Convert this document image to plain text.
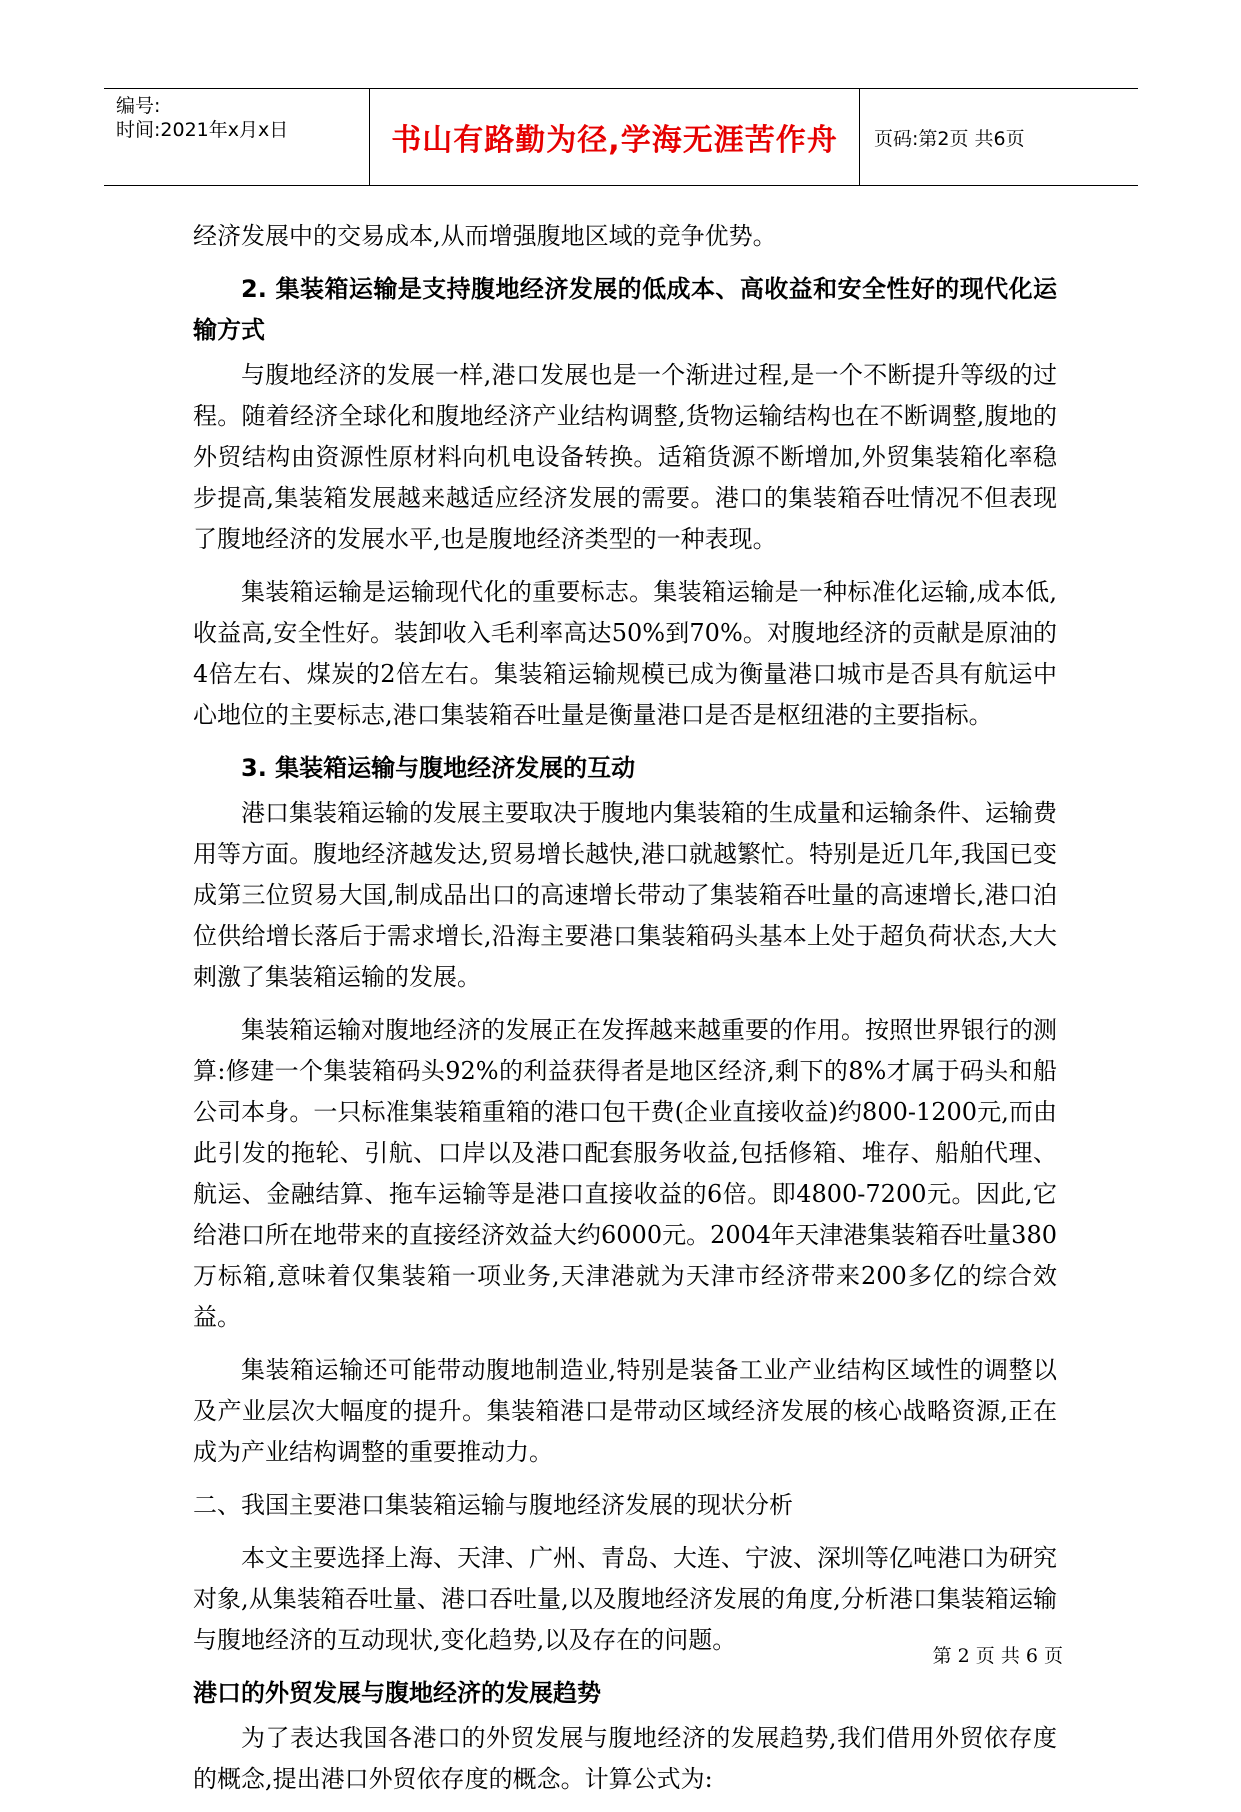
编号:
时间:2021年x月x日	书山有路勤为径,学海无涯苦作舟 页码:第2页 共6页

经济发展中的交易成本,从而增强腹地区域的竞争优势。

2. 集装箱运输是支持腹地经济发展的低成本、高收益和安全性好的现代化运输方式

与腹地经济的发展一样,港口发展也是一个渐进过程,是一个不断提升等级的过程。随着经济全球化和腹地经济产业结构调整,货物运输结构也在不断调整,腹地的外贸结构由资源性原材料向机电设备转换。适箱货源不断增加,外贸集装箱化率稳步提高,集装箱发展越来越适应经济发展的需要。港口的集装箱吞吐情况不但表现了腹地经济的发展水平,也是腹地经济类型的一种表现。

集装箱运输是运输现代化的重要标志。集装箱运输是一种标准化运输,成本低,收益高,安全性好。装卸收入毛利率高达50%到70%。对腹地经济的贡献是原油的4倍左右、煤炭的2倍左右。集装箱运输规模已成为衡量港口城市是否具有航运中心地位的主要标志,港口集装箱吞吐量是衡量港口是否是枢纽港的主要指标。

3. 集装箱运输与腹地经济发展的互动

港口集装箱运输的发展主要取决于腹地内集装箱的生成量和运输条件、运输费用等方面。腹地经济越发达,贸易增长越快,港口就越繁忙。特别是近几年,我国已变成第三位贸易大国,制成品出口的高速增长带动了集装箱吞吐量的高速增长,港口泊位供给增长落后于需求增长,沿海主要港口集装箱码头基本上处于超负荷状态,大大刺激了集装箱运输的发展。

集装箱运输对腹地经济的发展正在发挥越来越重要的作用。按照世界银行的测算:修建一个集装箱码头92%的利益获得者是地区经济,剩下的8%才属于码头和船公司本身。一只标准集装箱重箱的港口包干费(企业直接收益)约800-1200元,而由此引发的拖轮、引航、口岸以及港口配套服务收益,包括修箱、堆存、船舶代理、航运、金融结算、拖车运输等是港口直接收益的6倍。即4800-7200元。因此,它给港口所在地带来的直接经济效益大约6000元。2004年天津港集装箱吞吐量380万标箱,意味着仅集装箱一项业务,天津港就为天津市经济带来200多亿的综合效益。

集装箱运输还可能带动腹地制造业,特别是装备工业产业结构区域性的调整以及产业层次大幅度的提升。集装箱港口是带动区域经济发展的核心战略资源,正在成为产业结构调整的重要推动力。

二、我国主要港口集装箱运输与腹地经济发展的现状分析

本文主要选择上海、天津、广州、青岛、大连、宁波、深圳等亿吨港口为研究对象,从集装箱吞吐量、港口吞吐量,以及腹地经济发展的角度,分析港口集装箱运输与腹地经济的互动现状,变化趋势,以及存在的问题。

港口的外贸发展与腹地经济的发展趋势

为了表达我国各港口的外贸发展与腹地经济的发展趋势,我们借用外贸依存度的概念,提出港口外贸依存度的概念。计算公式为:

第 2 页 共 6 页
